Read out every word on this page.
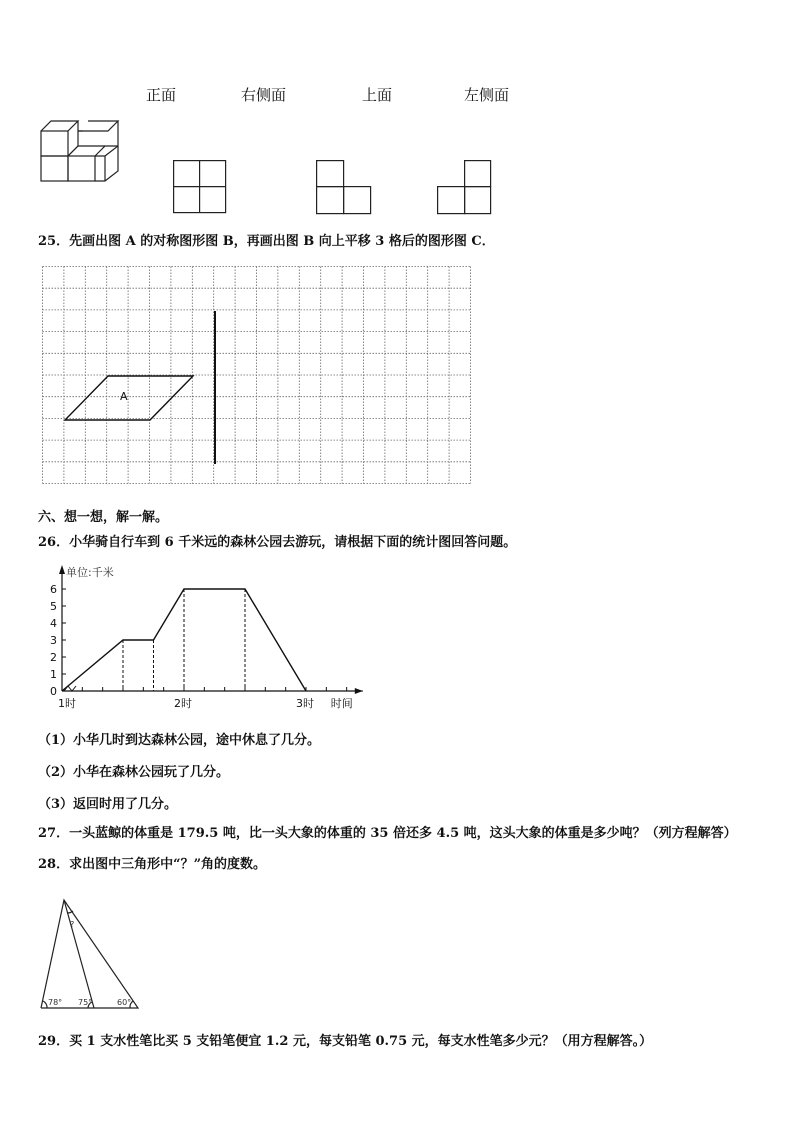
正面	右侧面	上面	左侧面
25．先画出图 A 的对称图形图 B，再画出图 B 向上平移 3 格后的图形图 C．
A
六、想一想，解一解。
26．小华骑自行车到 6 千米远的森林公园去游玩，请根据下面的统计图回答问题。
0
1
2
3
4
5
6
单位:千米
1时	2时	3时 时间
（1）小华几时到达森林公园，途中休息了几分。
（2）小华在森林公园玩了几分。
（3）返回时用了几分。
27．一头蓝鲸的体重是 179.5 吨，比一头大象的体重的 35 倍还多 4.5 吨，这头大象的体重是多少吨？（列方程解答）
28．求出图中三角形中“？”角的度数。
78° 75°	60°
?
29．买 1 支水性笔比买 5 支铅笔便宜 1.2 元，每支铅笔 0.75 元，每支水性笔多少元？（用方程解答。）
